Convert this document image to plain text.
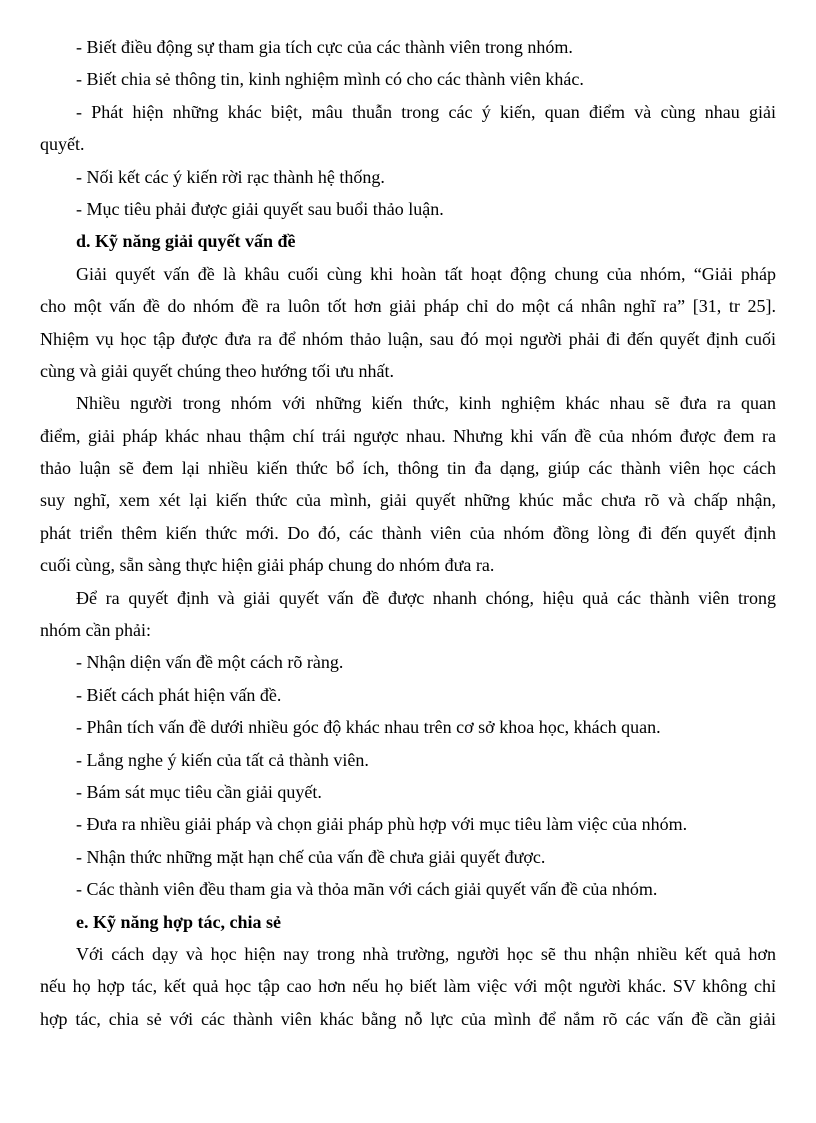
- Biết điều động sự tham gia tích cực của các thành viên trong nhóm.
- Biết chia sẻ thông tin, kinh nghiệm mình có cho các thành viên khác.
- Phát hiện những khác biệt, mâu thuẫn trong các ý kiến, quan điểm và cùng nhau giải
quyết.
- Nối kết các ý kiến rời rạc thành hệ thống.
- Mục tiêu phải được giải quyết sau buổi thảo luận.
d. Kỹ năng giải quyết vấn đề
Giải quyết vấn đề là khâu cuối cùng khi hoàn tất hoạt động chung của nhóm, “Giải pháp
cho một vấn đề do nhóm đề ra luôn tốt hơn giải pháp chỉ do một cá nhân nghĩ ra” [31, tr 25].
Nhiệm vụ học tập được đưa ra để nhóm thảo luận, sau đó mọi người phải đi đến quyết định cuối
cùng và giải quyết chúng theo hướng tối ưu nhất.
Nhiều người trong nhóm với những kiến thức, kinh nghiệm khác nhau sẽ đưa ra quan
điểm, giải pháp khác nhau thậm chí trái ngược nhau. Nhưng khi vấn đề của nhóm được đem ra
thảo luận sẽ đem lại nhiều kiến thức bổ ích, thông tin đa dạng, giúp các thành viên học cách
suy nghĩ, xem xét lại kiến thức của mình, giải quyết những khúc mắc chưa rõ và chấp nhận,
phát triển thêm kiến thức mới. Do đó, các thành viên của nhóm đồng lòng đi đến quyết định
cuối cùng, sẵn sàng thực hiện giải pháp chung do nhóm đưa ra.
Để ra quyết định và giải quyết vấn đề được nhanh chóng, hiệu quả các thành viên trong
nhóm cần phải:
- Nhận diện vấn đề một cách rõ ràng.
- Biết cách phát hiện vấn đề.
- Phân tích vấn đề dưới nhiều góc độ khác nhau trên cơ sở khoa học, khách quan.
- Lắng nghe ý kiến của tất cả thành viên.
- Bám sát mục tiêu cần giải quyết.
- Đưa ra nhiều giải pháp và chọn giải pháp phù hợp với mục tiêu làm việc của nhóm.
- Nhận thức những mặt hạn chế của vấn đề chưa giải quyết được.
- Các thành viên đều tham gia và thỏa mãn với cách giải quyết vấn đề của nhóm.
e. Kỹ năng hợp tác, chia sẻ
Với cách dạy và học hiện nay trong nhà trường, người học sẽ thu nhận nhiều kết quả hơn
nếu họ hợp tác, kết quả học tập cao hơn nếu họ biết làm việc với một người khác. SV không chỉ
hợp tác, chia sẻ với các thành viên khác bằng nỗ lực của mình để nắm rõ các vấn đề cần giải
